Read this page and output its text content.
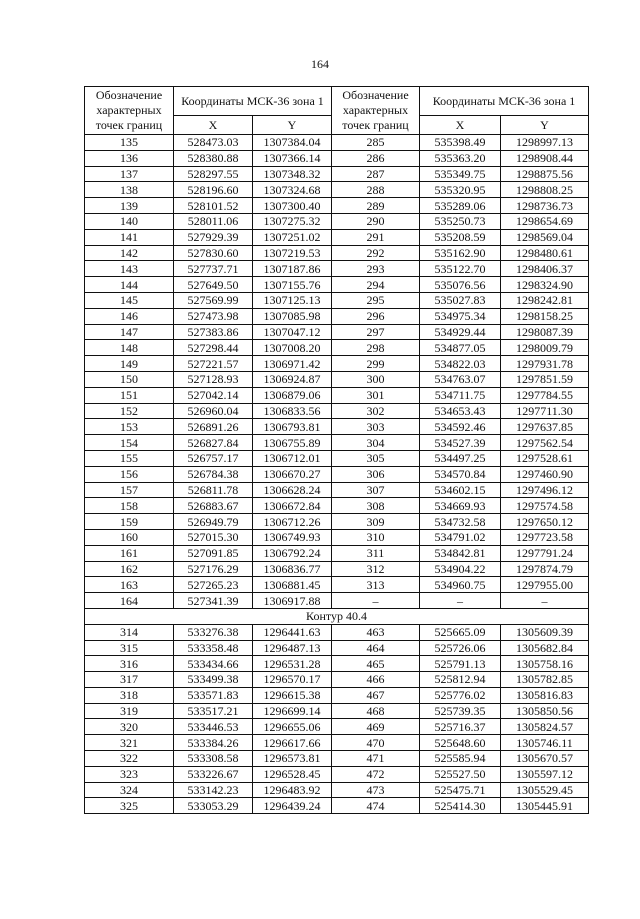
164
Обозначение характерных точек границ	Координаты МСК-36 зона 1		Обозначение характерных точек границ	Координаты МСК-36 зона 1	
	X	Y		X	Y
135	528473.03	1307384.04	285	535398.49	1298997.13
136	528380.88	1307366.14	286	535363.20	1298908.44
137	528297.55	1307348.32	287	535349.75	1298875.56
138	528196.60	1307324.68	288	535320.95	1298808.25
139	528101.52	1307300.40	289	535289.06	1298736.73
140	528011.06	1307275.32	290	535250.73	1298654.69
141	527929.39	1307251.02	291	535208.59	1298569.04
142	527830.60	1307219.53	292	535162.90	1298480.61
143	527737.71	1307187.86	293	535122.70	1298406.37
144	527649.50	1307155.76	294	535076.56	1298324.90
145	527569.99	1307125.13	295	535027.83	1298242.81
146	527473.98	1307085.98	296	534975.34	1298158.25
147	527383.86	1307047.12	297	534929.44	1298087.39
148	527298.44	1307008.20	298	534877.05	1298009.79
149	527221.57	1306971.42	299	534822.03	1297931.78
150	527128.93	1306924.87	300	534763.07	1297851.59
151	527042.14	1306879.06	301	534711.75	1297784.55
152	526960.04	1306833.56	302	534653.43	1297711.30
153	526891.26	1306793.81	303	534592.46	1297637.85
154	526827.84	1306755.89	304	534527.39	1297562.54
155	526757.17	1306712.01	305	534497.25	1297528.61
156	526784.38	1306670.27	306	534570.84	1297460.90
157	526811.78	1306628.24	307	534602.15	1297496.12
158	526883.67	1306672.84	308	534669.93	1297574.58
159	526949.79	1306712.26	309	534732.58	1297650.12
160	527015.30	1306749.93	310	534791.02	1297723.58
161	527091.85	1306792.24	311	534842.81	1297791.24
162	527176.29	1306836.77	312	534904.22	1297874.79
163	527265.23	1306881.45	313	534960.75	1297955.00
164	527341.39	1306917.88	–	–	–
Контур 40.4					
314	533276.38	1296441.63	463	525665.09	1305609.39
315	533358.48	1296487.13	464	525726.06	1305682.84
316	533434.66	1296531.28	465	525791.13	1305758.16
317	533499.38	1296570.17	466	525812.94	1305782.85
318	533571.83	1296615.38	467	525776.02	1305816.83
319	533517.21	1296699.14	468	525739.35	1305850.56
320	533446.53	1296655.06	469	525716.37	1305824.57
321	533384.26	1296617.66	470	525648.60	1305746.11
322	533308.58	1296573.81	471	525585.94	1305670.57
323	533226.67	1296528.45	472	525527.50	1305597.12
324	533142.23	1296483.92	473	525475.71	1305529.45
325	533053.29	1296439.24	474	525414.30	1305445.91
